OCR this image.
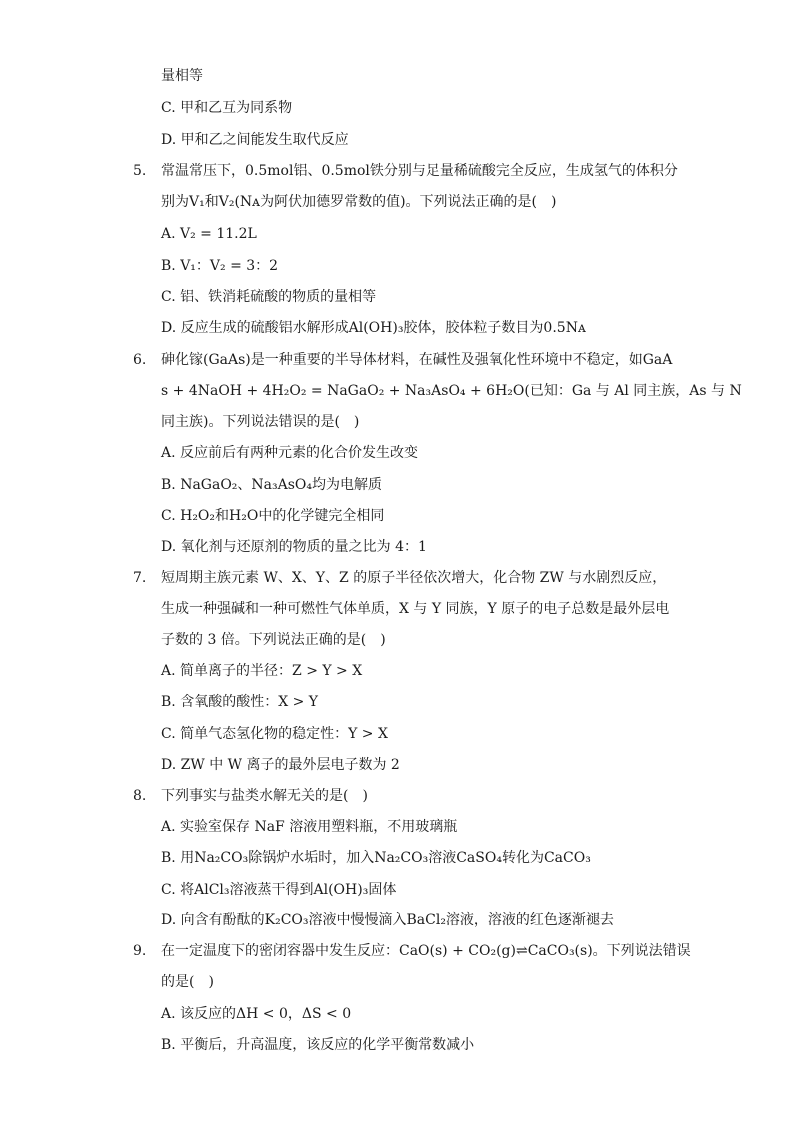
量相等
C. 甲和乙互为同系物
D. 甲和乙之间能发生取代反应
5. 常温常压下，0.5mol铝、0.5mol铁分别与足量稀硫酸完全反应，生成氢气的体积分
别为V₁和V₂(Nᴀ为阿伏加德罗常数的值)。下列说法正确的是(　)
A. V₂ = 11.2L
B. V₁：V₂ = 3：2
C. 铝、铁消耗硫酸的物质的量相等
D. 反应生成的硫酸铝水解形成Al(OH)₃胶体，胶体粒子数目为0.5Nᴀ
6. 砷化镓(GaAs)是一种重要的半导体材料，在碱性及强氧化性环境中不稳定，如GaA
s + 4NaOH + 4H₂O₂ = NaGaO₂ + Na₃AsO₄ + 6H₂O(已知：Ga 与 Al 同主族，As 与 N
同主族)。下列说法错误的是(　)
A. 反应前后有两种元素的化合价发生改变
B. NaGaO₂、Na₃AsO₄均为电解质
C. H₂O₂和H₂O中的化学键完全相同
D. 氧化剂与还原剂的物质的量之比为 4：1
7. 短周期主族元素 W、X、Y、Z 的原子半径依次增大，化合物 ZW 与水剧烈反应，
生成一种强碱和一种可燃性气体单质，X 与 Y 同族，Y 原子的电子总数是最外层电
子数的 3 倍。下列说法正确的是(　)
A. 简单离子的半径：Z > Y > X
B. 含氧酸的酸性：X > Y
C. 简单气态氢化物的稳定性：Y > X
D. ZW 中 W 离子的最外层电子数为 2
8. 下列事实与盐类水解无关的是(　)
A. 实验室保存 NaF 溶液用塑料瓶，不用玻璃瓶
B. 用Na₂CO₃除锅炉水垢时，加入Na₂CO₃溶液CaSO₄转化为CaCO₃
C. 将AlCl₃溶液蒸干得到Al(OH)₃固体
D. 向含有酚酞的K₂CO₃溶液中慢慢滴入BaCl₂溶液，溶液的红色逐渐褪去
9. 在一定温度下的密闭容器中发生反应：CaO(s) + CO₂(g)⇌CaCO₃(s)。下列说法错误
的是(　)
A. 该反应的ΔH < 0，ΔS < 0
B. 平衡后，升高温度，该反应的化学平衡常数减小
